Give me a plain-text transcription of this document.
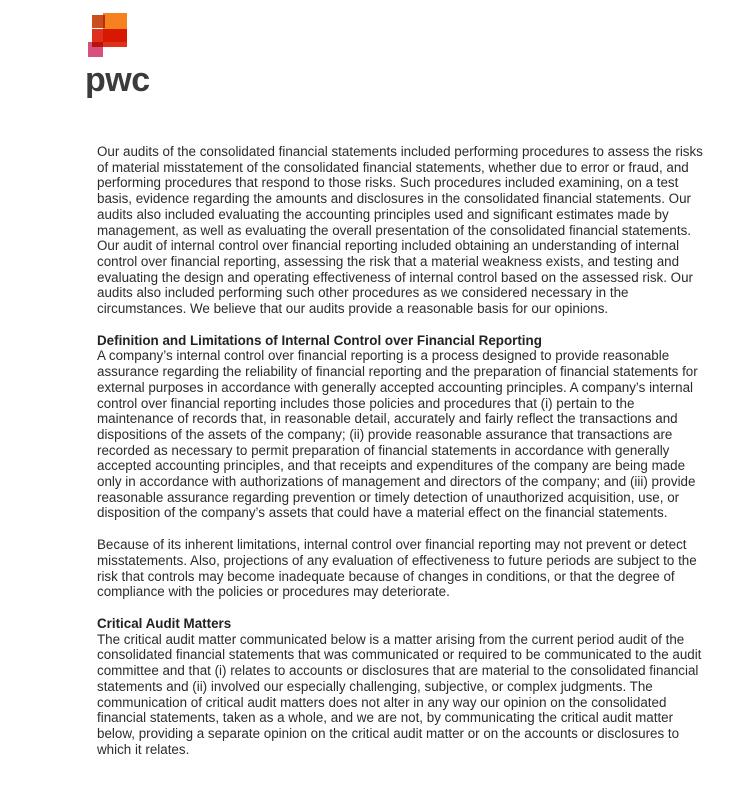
pwc

Our audits of the consolidated financial statements included performing procedures to assess the risks of material misstatement of the consolidated financial statements, whether due to error or fraud, and performing procedures that respond to those risks. Such procedures included examining, on a test basis, evidence regarding the amounts and disclosures in the consolidated financial statements. Our audits also included evaluating the accounting principles used and significant estimates made by management, as well as evaluating the overall presentation of the consolidated financial statements. Our audit of internal control over financial reporting included obtaining an understanding of internal control over financial reporting, assessing the risk that a material weakness exists, and testing and evaluating the design and operating effectiveness of internal control based on the assessed risk. Our audits also included performing such other procedures as we considered necessary in the circumstances. We believe that our audits provide a reasonable basis for our opinions.

Definition and Limitations of Internal Control over Financial Reporting

A company’s internal control over financial reporting is a process designed to provide reasonable assurance regarding the reliability of financial reporting and the preparation of financial statements for external purposes in accordance with generally accepted accounting principles. A company’s internal control over financial reporting includes those policies and procedures that (i) pertain to the maintenance of records that, in reasonable detail, accurately and fairly reflect the transactions and dispositions of the assets of the company; (ii) provide reasonable assurance that transactions are recorded as necessary to permit preparation of financial statements in accordance with generally accepted accounting principles, and that receipts and expenditures of the company are being made only in accordance with authorizations of management and directors of the company; and (iii) provide reasonable assurance regarding prevention or timely detection of unauthorized acquisition, use, or disposition of the company’s assets that could have a material effect on the financial statements.

Because of its inherent limitations, internal control over financial reporting may not prevent or detect misstatements. Also, projections of any evaluation of effectiveness to future periods are subject to the risk that controls may become inadequate because of changes in conditions, or that the degree of compliance with the policies or procedures may deteriorate.

Critical Audit Matters

The critical audit matter communicated below is a matter arising from the current period audit of the consolidated financial statements that was communicated or required to be communicated to the audit committee and that (i) relates to accounts or disclosures that are material to the consolidated financial statements and (ii) involved our especially challenging, subjective, or complex judgments. The communication of critical audit matters does not alter in any way our opinion on the consolidated financial statements, taken as a whole, and we are not, by communicating the critical audit matter below, providing a separate opinion on the critical audit matter or on the accounts or disclosures to which it relates.
